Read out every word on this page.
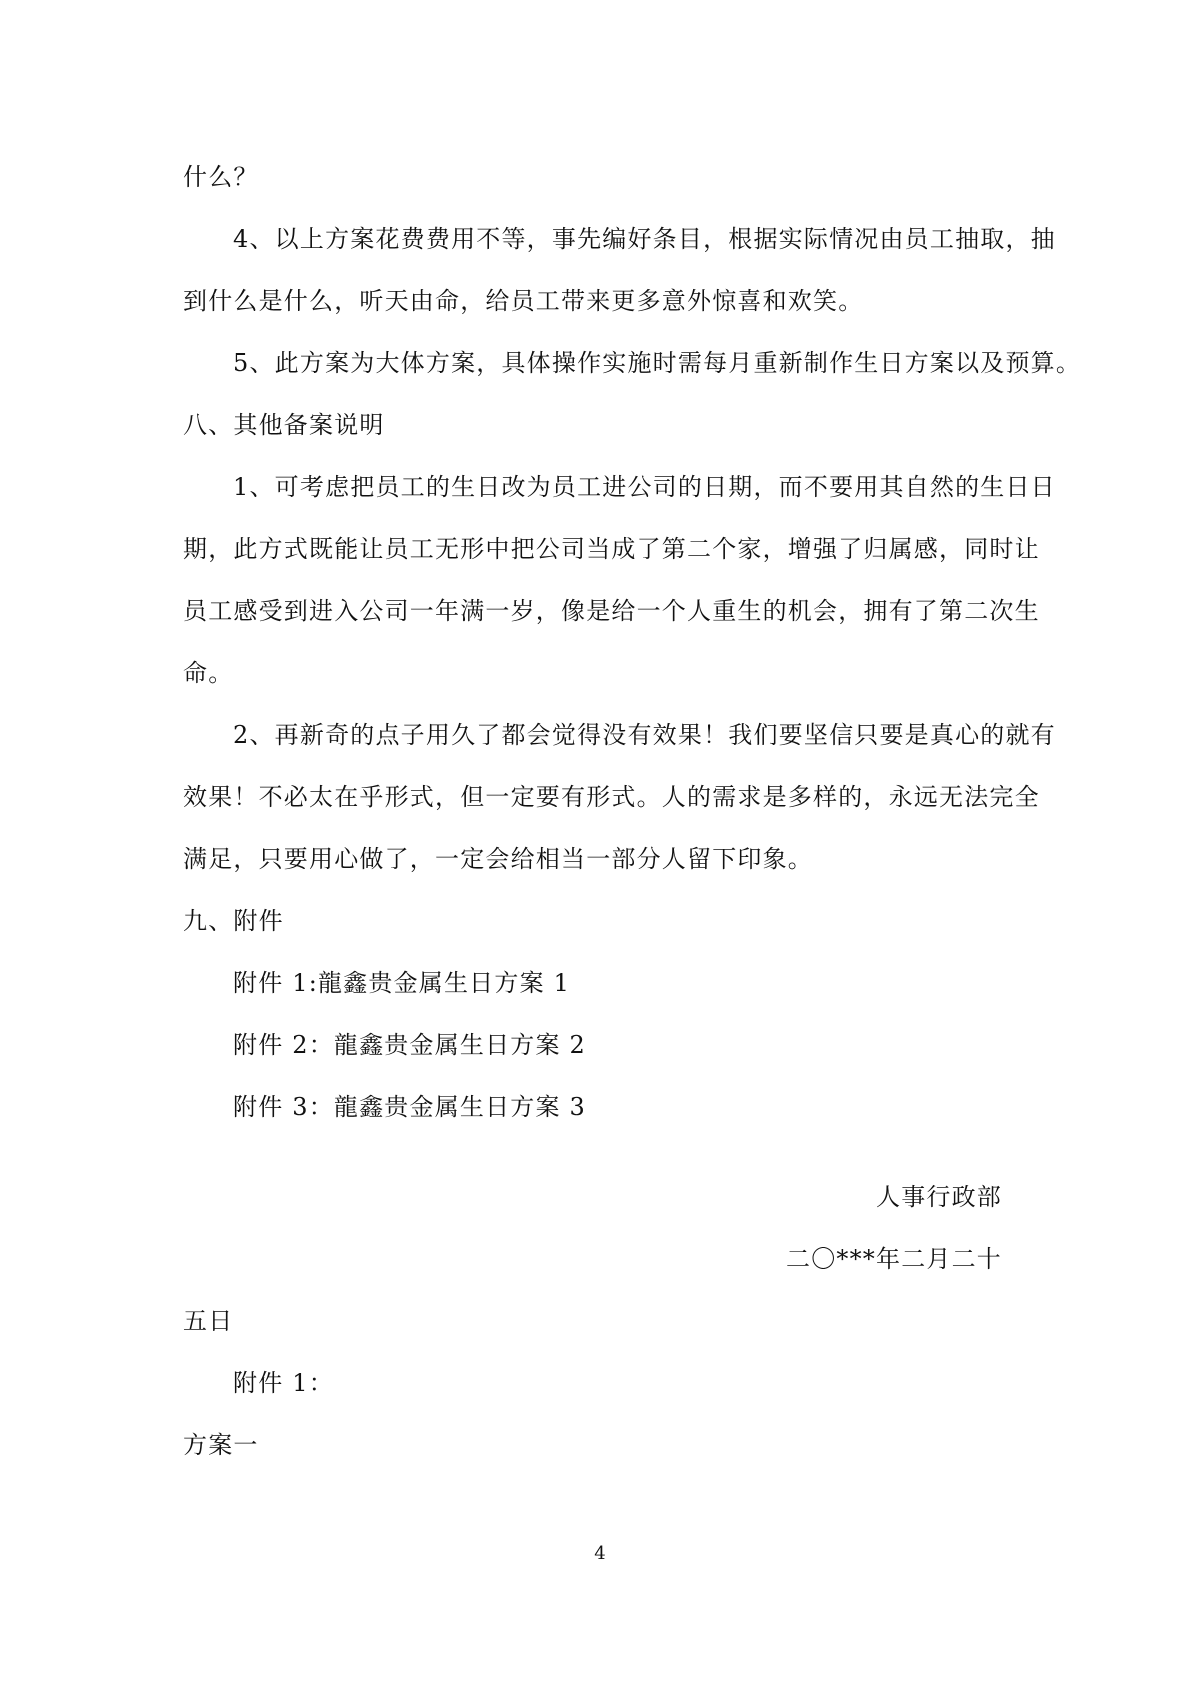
什么？
4、以上方案花费费用不等，事先编好条目，根据实际情况由员工抽取，抽
到什么是什么，听天由命，给员工带来更多意外惊喜和欢笑。
5、此方案为大体方案，具体操作实施时需每月重新制作生日方案以及预算。
八、其他备案说明
1、可考虑把员工的生日改为员工进公司的日期，而不要用其自然的生日日
期，此方式既能让员工无形中把公司当成了第二个家，增强了归属感，同时让
员工感受到进入公司一年满一岁，像是给一个人重生的机会，拥有了第二次生
命。
2、再新奇的点子用久了都会觉得没有效果！我们要坚信只要是真心的就有
效果！不必太在乎形式，但一定要有形式。人的需求是多样的，永远无法完全
满足，只要用心做了，一定会给相当一部分人留下印象。
九、附件
附件 1:龍鑫贵金属生日方案 1
附件 2：龍鑫贵金属生日方案 2
附件 3：龍鑫贵金属生日方案 3
人事行政部
二〇***年二月二十
五日
附件 1：
方案一
4
